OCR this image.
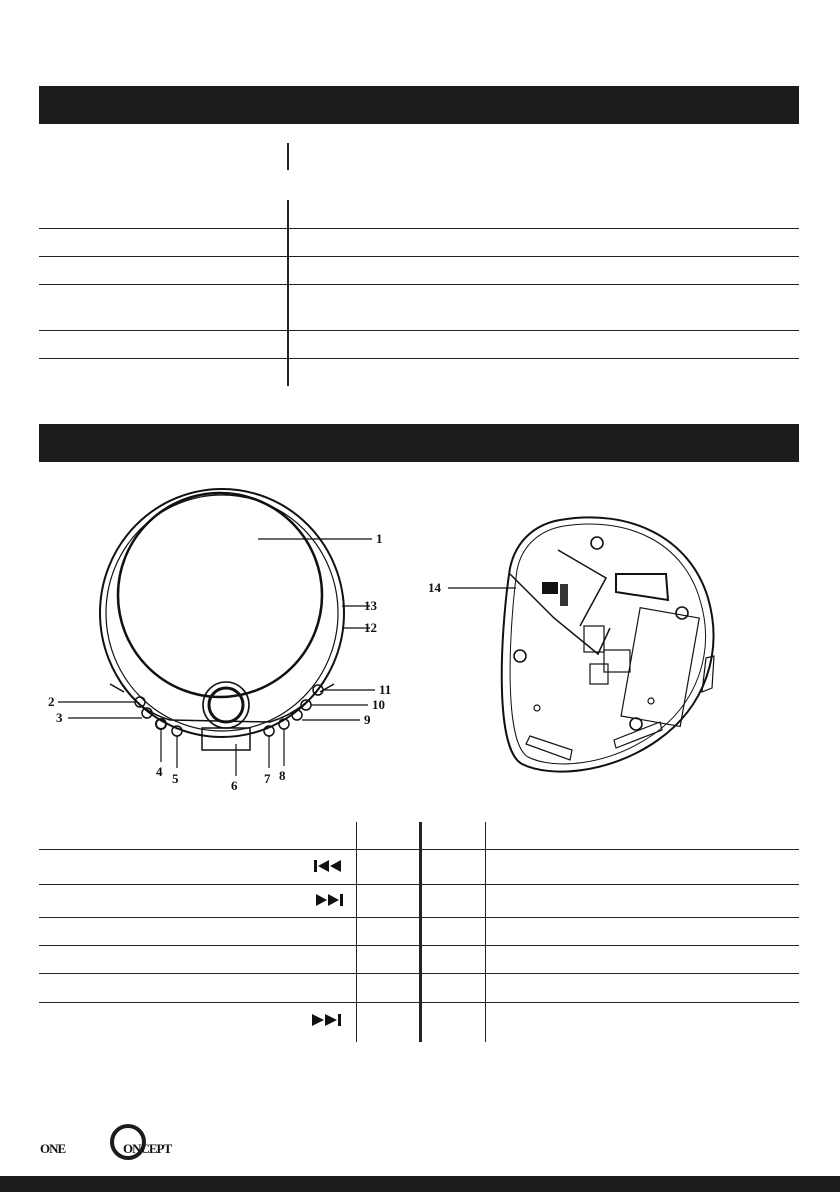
1
13
12
11
10
9
2
3
4 5	6 7 8
14
ONE	ONCEPT
